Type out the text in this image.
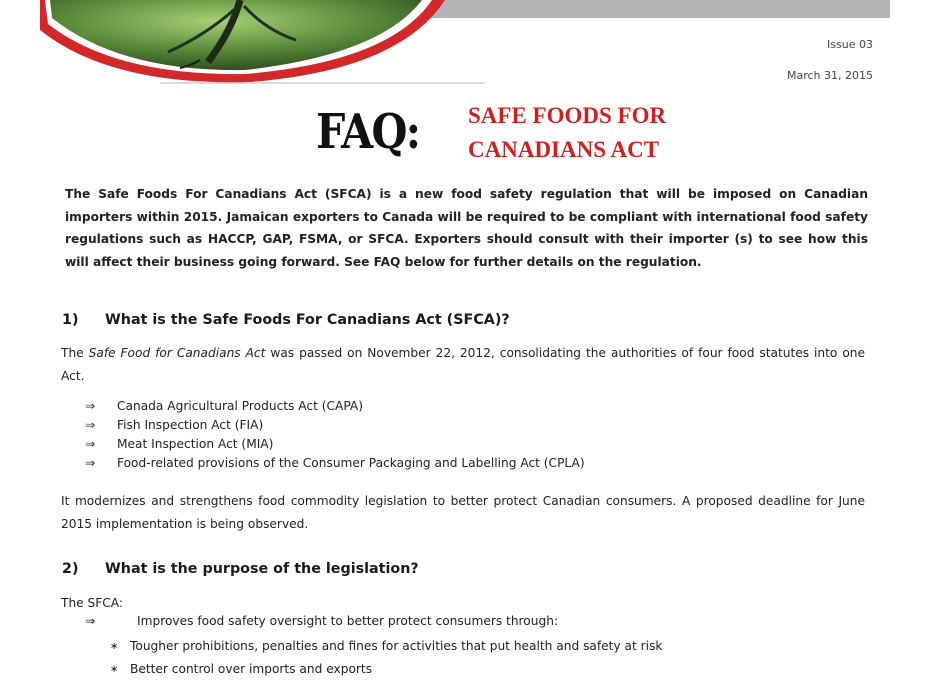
Issue 03
March 31, 2015
FAQ: SAFE FOODS FOR
CANADIANS ACT

The Safe Foods For Canadians Act (SFCA) is a new food safety regulation that will be imposed on Canadian importers within 2015. Jamaican exporters to Canada will be required to be compliant with international food safety regulations such as HACCP, GAP, FSMA, or SFCA. Exporters should consult with their importer (s) to see how this will affect their business going forward. See FAQ below for further details on the regulation.

1) What is the Safe Foods For Canadians Act (SFCA)?

The Safe Food for Canadians Act was passed on November 22, 2012, consolidating the authorities of four food statutes into one Act.

⇒	Canada Agricultural Products Act (CAPA)
⇒	Fish Inspection Act (FIA)
⇒	Meat Inspection Act (MIA)
⇒	Food-related provisions of the Consumer Packaging and Labelling Act (CPLA)

It modernizes and strengthens food commodity legislation to better protect Canadian consumers. A proposed deadline for June 2015 implementation is being observed.

2) What is the purpose of the legislation?

The SFCA:

⇒	Improves food safety oversight to better protect consumers through:
∗ Tougher prohibitions, penalties and fines for activities that put health and safety at risk
∗ Better control over imports and exports
